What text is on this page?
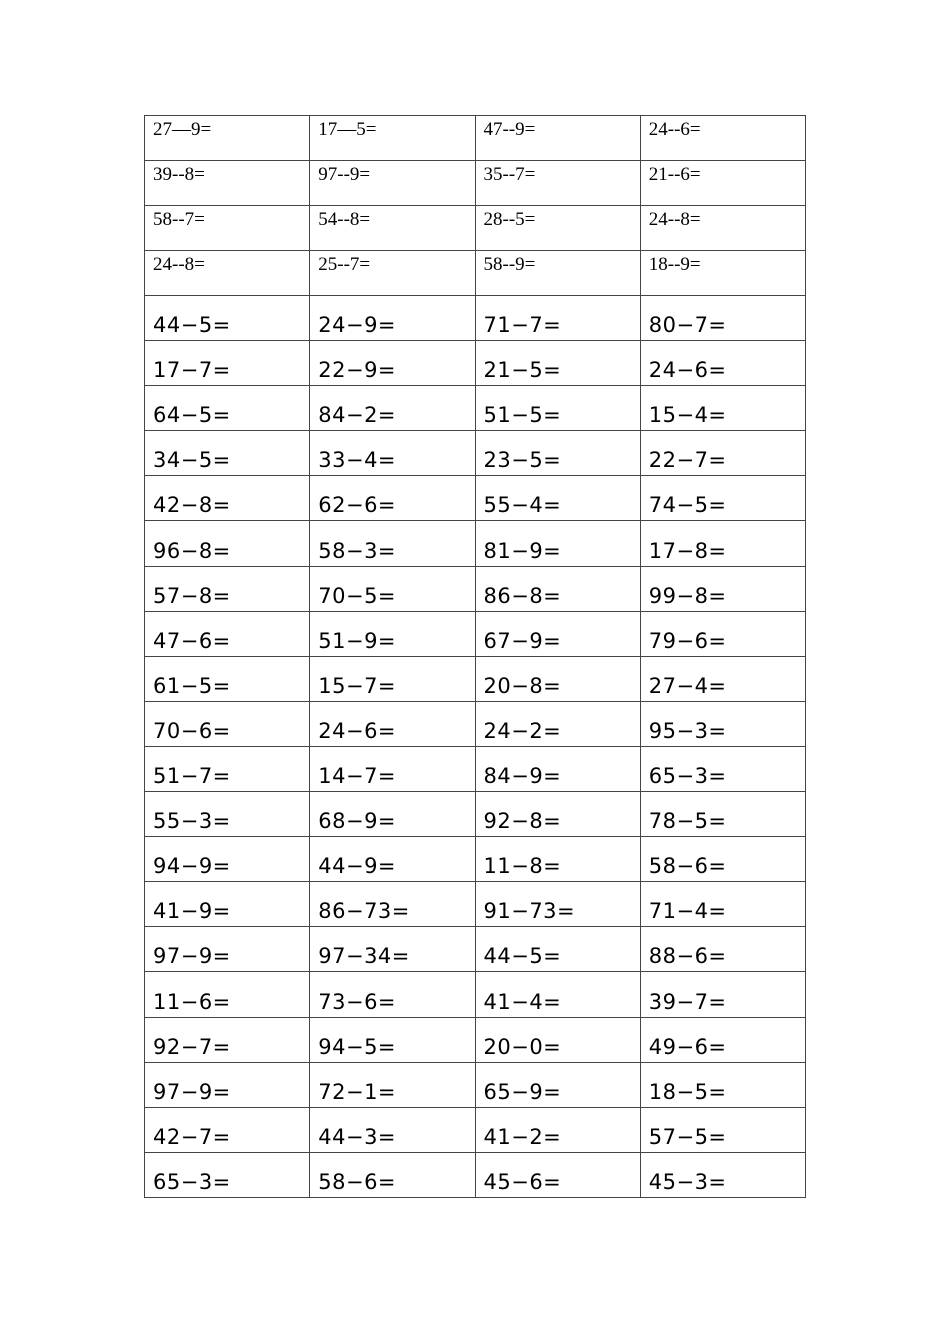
27—9=	17—5=	47--9=	24--6=
39--8=	97--9=	35--7=	21--6=
58--7=	54--8=	28--5=	24--8=
24--8=	25--7=	58--9=	18--9=
44−5=	24−9=	71−7=	80−7=
17−7=	22−9=	21−5=	24−6=
64−5=	84−2=	51−5=	15−4=
34−5=	33−4=	23−5=	22−7=
42−8=	62−6=	55−4=	74−5=
96−8=	58−3=	81−9=	17−8=
57−8=	70−5=	86−8=	99−8=
47−6=	51−9=	67−9=	79−6=
61−5=	15−7=	20−8=	27−4=
70−6=	24−6=	24−2=	95−3=
51−7=	14−7=	84−9=	65−3=
55−3=	68−9=	92−8=	78−5=
94−9=	44−9=	11−8=	58−6=
41−9=	86−73=	91−73=	71−4=
97−9=	97−34=	44−5=	88−6=
11−6=	73−6=	41−4=	39−7=
92−7=	94−5=	20−0=	49−6=
97−9=	72−1=	65−9=	18−5=
42−7=	44−3=	41−2=	57−5=
65−3=	58−6=	45−6=	45−3=
